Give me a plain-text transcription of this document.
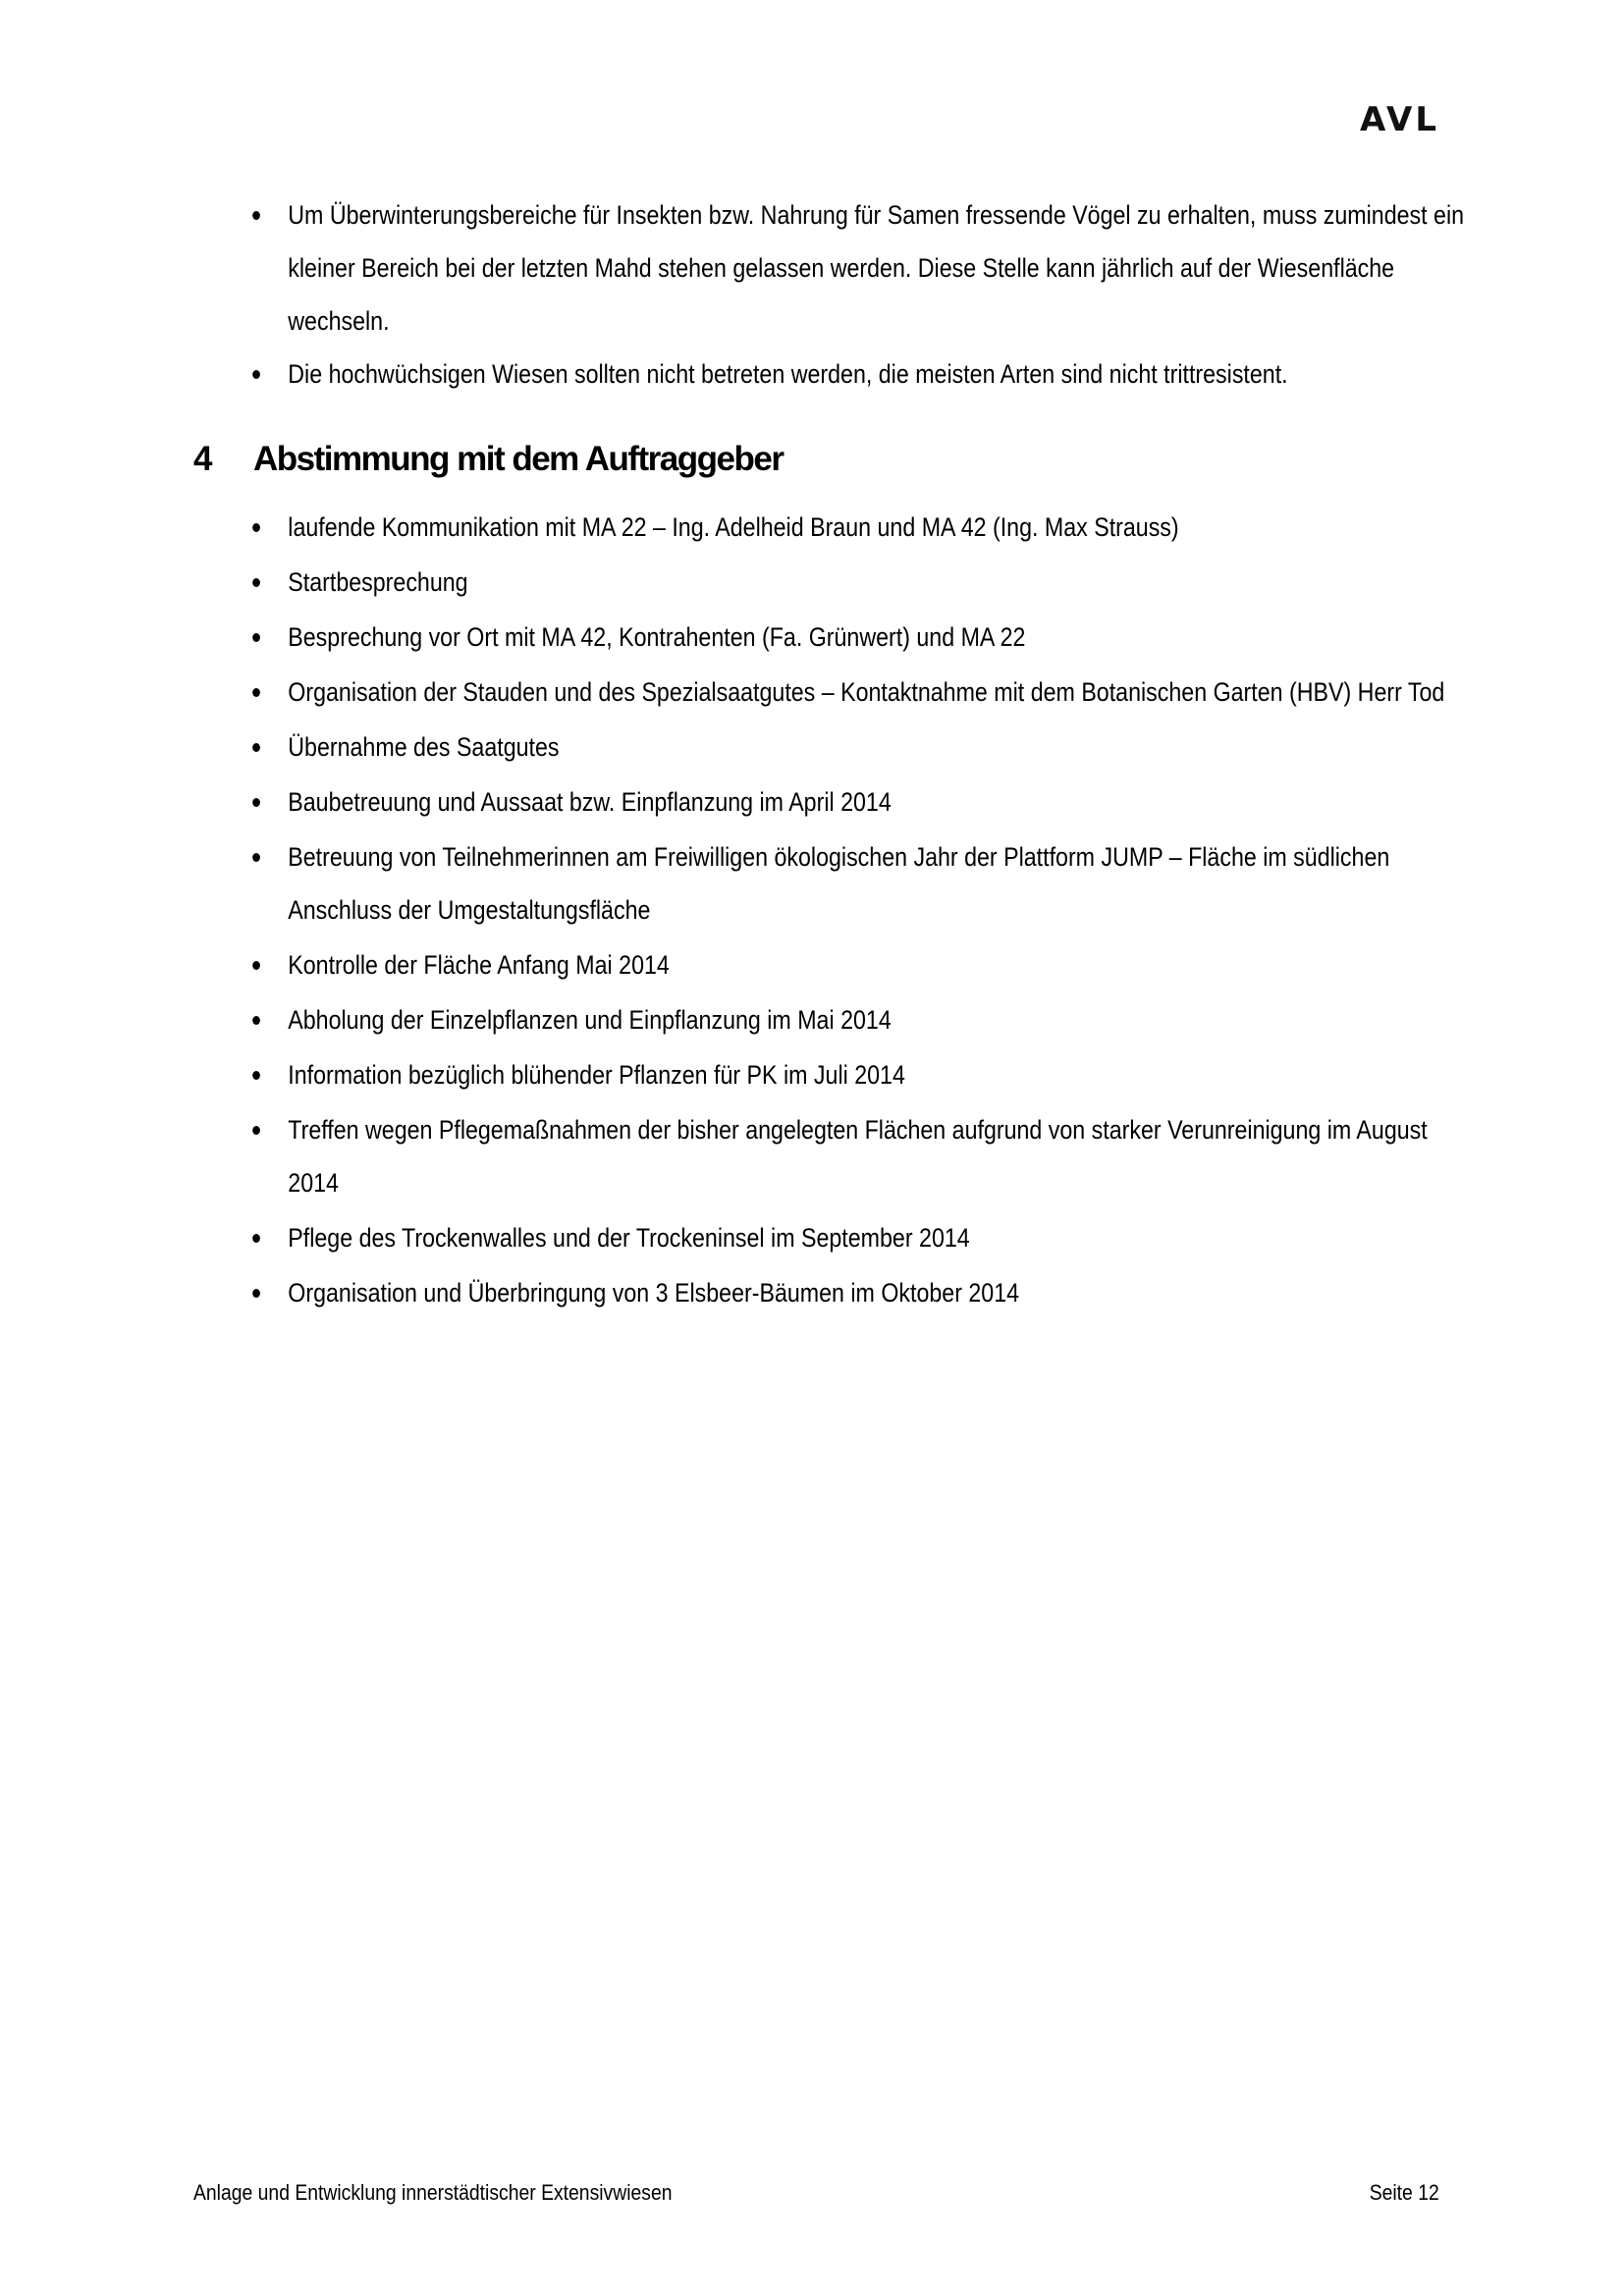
AVL
Um Überwinterungsbereiche für Insekten bzw. Nahrung für Samen fressende Vögel zu erhalten, muss zumindest ein kleiner Bereich bei der letzten Mahd stehen gelassen werden. Diese Stelle kann jährlich auf der Wiesenfläche wechseln.
Die hochwüchsigen Wiesen sollten nicht betreten werden, die meisten Arten sind nicht trittresistent.
4	Abstimmung mit dem Auftraggeber
laufende Kommunikation mit MA 22 – Ing. Adelheid Braun und MA 42 (Ing. Max Strauss)
Startbesprechung
Besprechung vor Ort mit MA 42, Kontrahenten (Fa. Grünwert) und MA 22
Organisation der Stauden und des Spezialsaatgutes – Kontaktnahme mit dem Botanischen Garten (HBV) Herr Tod
Übernahme des Saatgutes
Baubetreuung und Aussaat bzw. Einpflanzung im April 2014
Betreuung von Teilnehmerinnen am Freiwilligen ökologischen Jahr der Plattform JUMP – Fläche im südlichen Anschluss der Umgestaltungsfläche
Kontrolle der Fläche Anfang Mai 2014
Abholung der Einzelpflanzen und Einpflanzung im Mai 2014
Information bezüglich blühender Pflanzen für PK im Juli 2014
Treffen wegen Pflegemaßnahmen der bisher angelegten Flächen aufgrund von starker Verunreinigung im August 2014
Pflege des Trockenwalles und der Trockeninsel im September 2014
Organisation und Überbringung von 3 Elsbeer-Bäumen im Oktober 2014
Anlage und Entwicklung innerstädtischer Extensivwiesen	Seite 12
